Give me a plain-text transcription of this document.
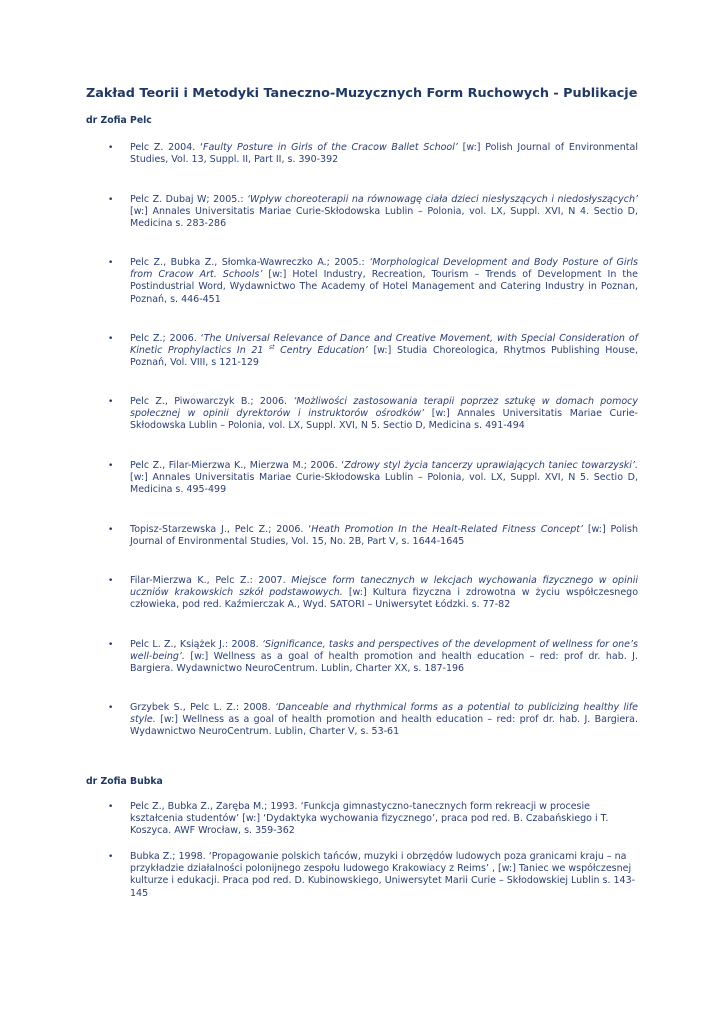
Zakład Teorii i Metodyki Taneczno-Muzycznych Form Ruchowych - Publikacje
dr Zofia Pelc
• Pelc Z. 2004. ‘Faulty Posture in Girls of the Cracow Ballet School’ [w:] Polish Journal of Environmental Studies, Vol. 13, Suppl. II, Part II, s. 390-392
• Pelc Z. Dubaj W; 2005.: ‘Wpływ choreoterapii na równowagę ciała dzieci niesłyszących i niedosłyszących’ [w:] Annales Universitatis Mariae Curie-Skłodowska Lublin – Polonia, vol. LX, Suppl. XVI, N 4. Sectio D, Medicina s. 283-286
• Pelc Z., Bubka Z., Słomka-Wawreczko A.; 2005.: ‘Morphological Development and Body Posture of Girls from Cracow Art. Schools’ [w:] Hotel Industry, Recreation, Tourism – Trends of Development In the Postindustrial Word, Wydawnictwo The Academy of Hotel Management and Catering Industry in Poznan, Poznań, s. 446-451
• Pelc Z.; 2006. ‘The Universal Relevance of Dance and Creative Movement, with Special Consideration of Kinetic Prophylactics In 21 $^{st}$ Centry Education’ [w:] Studia Choreologica, Rhytmos Publishing House, Poznań, Vol. VIII, s 121-129
• Pelc Z., Piwowarczyk B.; 2006. ‘Możliwości zastosowania terapii poprzez sztukę w domach pomocy społecznej w opinii dyrektorów i instruktorów ośrodków’ [w:] Annales Universitatis Mariae Curie-Skłodowska Lublin – Polonia, vol. LX, Suppl. XVI, N 5. Sectio D, Medicina s. 491-494
• Pelc Z., Filar-Mierzwa K., Mierzwa M.; 2006. ‘Zdrowy styl życia tancerzy uprawiających taniec towarzyski’. [w:] Annales Universitatis Mariae Curie-Skłodowska Lublin – Polonia, vol. LX, Suppl. XVI, N 5. Sectio D, Medicina s. 495-499
• Topisz-Starzewska J., Pelc Z.; 2006. ‘Heath Promotion In the Healt-Related Fitness Concept’ [w:] Polish Journal of Environmental Studies, Vol. 15, No. 2B, Part V, s. 1644-1645
• Filar-Mierzwa K., Pelc Z.: 2007. Miejsce form tanecznych w lekcjach wychowania fizycznego w opinii uczniów krakowskich szkół podstawowych. [w:] Kultura fizyczna i zdrowotna w życiu współczesnego człowieka, pod red. Kaźmierczak A., Wyd. SATORI – Uniwersytet Łódzki. s. 77-82
• Pelc L. Z., Książek J.: 2008. ‘Significance, tasks and perspectives of the development of wellness for one’s well-being’. [w:] Wellness as a goal of health promotion and health education – red: prof dr. hab. J. Bargiera. Wydawnictwo NeuroCentrum. Lublin, Charter XX, s. 187-196
• Grzybek S., Pelc L. Z.: 2008. ‘Danceable and rhythmical forms as a potential to publicizing healthy life style. [w:] Wellness as a goal of health promotion and health education – red: prof dr. hab. J. Bargiera. Wydawnictwo NeuroCentrum. Lublin, Charter V, s. 53-61
dr Zofia Bubka
• Pelc Z., Bubka Z., Zaręba M.; 1993. ‘Funkcja gimnastyczno-tanecznych form rekreacji w procesie kształcenia studentów’ [w:] ‘Dydaktyka wychowania fizycznego’, praca pod red. B. Czabańskiego i T. Koszyca. AWF Wrocław, s. 359-362
• Bubka Z.; 1998. ‘Propagowanie polskich tańców, muzyki i obrzędów ludowych poza granicami kraju – na przykładzie działalności polonijnego zespołu ludowego Krakowiacy z Reims’ , [w:] Taniec we współczesnej kulturze i edukacji. Praca pod red. D. Kubinowskiego, Uniwersytet Marii Curie – Skłodowskiej Lublin s. 143-145
